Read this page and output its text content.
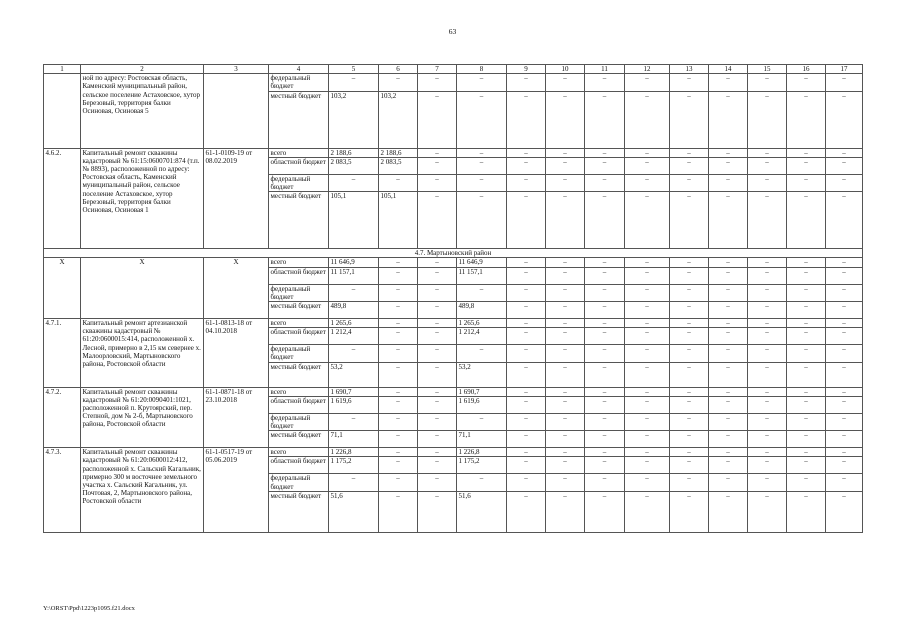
63
1	2	3	4	5	6	7	8	9	10	11	12	13	14	15	16	17
	ной по адресу: Ростовская область, Каменский муниципальный район, сельское поселение Астаховское, хутор Березовый, территория балки Осиновая, Осиновая 5		федеральный бюджет	–	–	–	–	–	–	–	–	–	–	–	–	–
			местный бюджет	103,2	103,2	–	–	–	–	–	–	–	–	–	–	–
4.6.2.	Капитальный ремонт скважины кадастровый № 61:15:0600701:874 (т.п. № 8893), расположенной по адресу: Ростовская область, Каменский муниципальный район, сельское поселение Астаховское, хутор Березовый, территория балки Осиновая, Осиновая 1	61-1-0109-19 от 08.02.2019	всего	2 188,6	2 188,6	–	–	–	–	–	–	–	–	–	–	–
			областной бюджет	2 083,5	2 083,5	–	–	–	–	–	–	–	–	–	–	–
			федеральный бюджет	–	–	–	–	–	–	–	–	–	–	–	–	–
			местный бюджет	105,1	105,1	–	–	–	–	–	–	–	–	–	–	–
4.7. Мартыновский район																
Х	Х	Х	всего	11 646,9	–	–	11 646,9	–	–	–	–	–	–	–	–	–
			областной бюджет	11 157,1	–	–	11 157,1	–	–	–	–	–	–	–	–	–
			федеральный бюджет	–	–	–	–	–	–	–	–	–	–	–	–	–
			местный бюджет	489,8	–	–	489,8	–	–	–	–	–	–	–	–	–
4.7.1.	Капитальный ремонт артезианской скважины кадастровый № 61:20:0600015:414, расположенной х. Лесной, примерно в 2,15 км севернее х. Малоорловский, Мартыновского района, Ростовской области	61-1-0813-18 от 04.10.2018	всего	1 265,6	–	–	1 265,6	–	–	–	–	–	–	–	–	–
			областной бюджет	1 212,4	–	–	1 212,4	–	–	–	–	–	–	–	–	–
			федеральный бюджет	–	–	–	–	–	–	–	–	–	–	–	–	–
			местный бюджет	53,2	–	–	53,2	–	–	–	–	–	–	–	–	–
4.7.2.	Капитальный ремонт скважины кадастровый № 61:20:0090401:1021, расположенной п. Крутоярский, пер. Степной, дом № 2-б, Мартыновского района, Ростовской области	61-1-0871-18 от 23.10.2018	всего	1 690,7	–	–	1 690,7	–	–	–	–	–	–	–	–	–
			областной бюджет	1 619,6	–	–	1 619,6	–	–	–	–	–	–	–	–	–
			федеральный бюджет	–	–	–	–	–	–	–	–	–	–	–	–	–
			местный бюджет	71,1	–	–	71,1	–	–	–	–	–	–	–	–	–
4.7.3.	Капитальный ремонт скважины кадастровый № 61:20:0600012:412, расположенной х. Сальский Кагальник, примерно 300 м восточнее земельного участка х. Сальский Кагальник, ул. Почтовая, 2, Мартыновского района, Ростовской области	61-1-0517-19 от 05.06.2019	всего	1 226,8	–	–	1 226,8	–	–	–	–	–	–	–	–	–
			областной бюджет	1 175,2	–	–	1 175,2	–	–	–	–	–	–	–	–	–
			федеральный бюджет	–	–	–	–	–	–	–	–	–	–	–	–	–
			местный бюджет	51,6	–	–	51,6	–	–	–	–	–	–	–	–	–
Y:\ORST\Ppd\1223p1095.f21.docx
